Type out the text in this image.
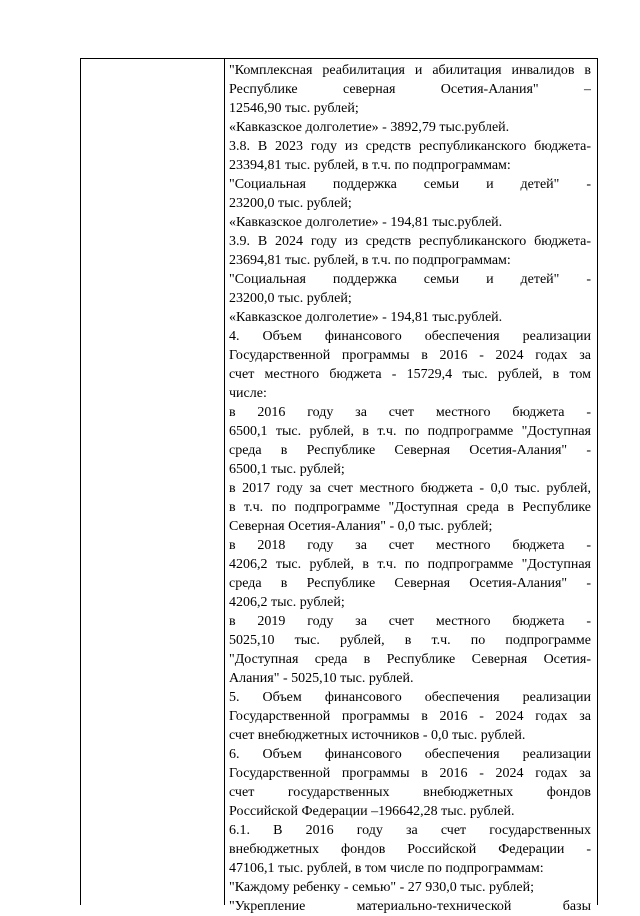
"Комплексная реабилитация и абилитация инвалидов в
Республике северная Осетия-Алания" –
12546,90 тыс. рублей;
«Кавказское долголетие» - 3892,79 тыс.рублей.
3.8. В 2023 году из средств республиканского бюджета-
23394,81 тыс. рублей, в т.ч. по подпрограммам:
"Социальная поддержка семьи и детей" -
23200,0 тыс. рублей;
«Кавказское долголетие» - 194,81 тыс.рублей.
3.9. В 2024 году из средств республиканского бюджета-
23694,81 тыс. рублей, в т.ч. по подпрограммам:
"Социальная поддержка семьи и детей" -
23200,0 тыс. рублей;
«Кавказское долголетие» - 194,81 тыс.рублей.
4. Объем финансового обеспечения реализации
Государственной программы в 2016 - 2024 годах за
счет местного бюджета - 15729,4 тыс. рублей, в том
числе:
в 2016 году за счет местного бюджета -
6500,1 тыс. рублей, в т.ч. по подпрограмме "Доступная
среда в Республике Северная Осетия-Алания" -
6500,1 тыс. рублей;
в 2017 году за счет местного бюджета - 0,0 тыс. рублей,
в т.ч. по подпрограмме "Доступная среда в Республике
Северная Осетия-Алания" - 0,0 тыс. рублей;
в 2018 году за счет местного бюджета -
4206,2 тыс. рублей, в т.ч. по подпрограмме "Доступная
среда в Республике Северная Осетия-Алания" -
4206,2 тыс. рублей;
в 2019 году за счет местного бюджета -
5025,10 тыс. рублей, в т.ч. по подпрограмме
"Доступная среда в Республике Северная Осетия-
Алания" - 5025,10 тыс. рублей.
5. Объем финансового обеспечения реализации
Государственной программы в 2016 - 2024 годах за
счет внебюджетных источников - 0,0 тыс. рублей.
6. Объем финансового обеспечения реализации
Государственной программы в 2016 - 2024 годах за
счет государственных внебюджетных фондов
Российской Федерации –196642,28 тыс. рублей.
6.1. В 2016 году за счет государственных
внебюджетных фондов Российской Федерации -
47106,1 тыс. рублей, в том числе по подпрограммам:
"Каждому ребенку - семью" - 27 930,0 тыс. рублей;
"Укрепление материально-технической базы
